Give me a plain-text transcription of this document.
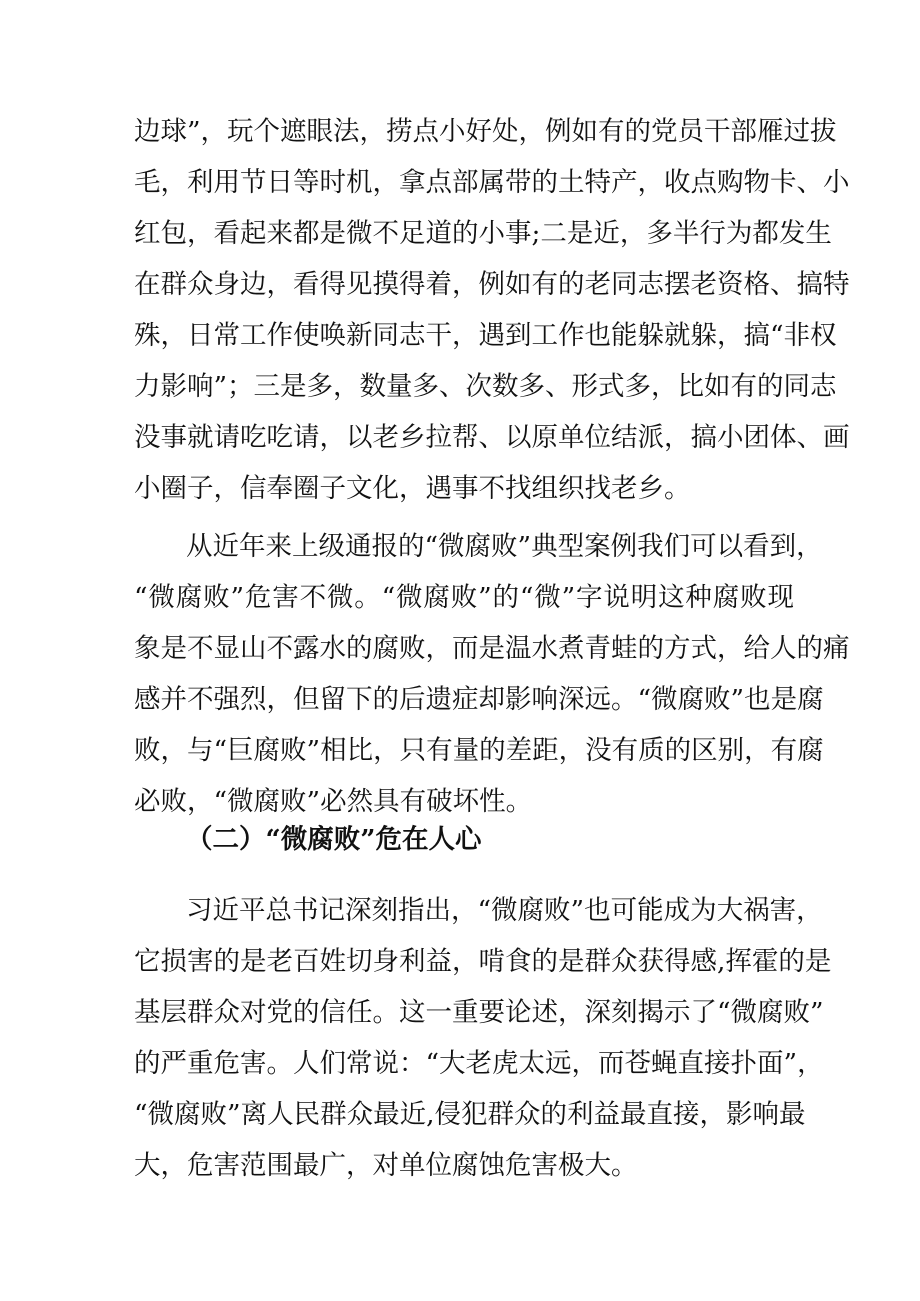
边球”，玩个遮眼法，捞点小好处，例如有的党员干部雁过拔
毛，利用节日等时机，拿点部属带的土特产，收点购物卡、小
红包，看起来都是微不足道的小事;二是近，多半行为都发生
在群众身边，看得见摸得着，例如有的老同志摆老资格、搞特
殊，日常工作使唤新同志干，遇到工作也能躲就躲，搞“非权
力影响”；三是多，数量多、次数多、形式多，比如有的同志
没事就请吃吃请，以老乡拉帮、以原单位结派，搞小团体、画
小圈子，信奉圈子文化，遇事不找组织找老乡。
从近年来上级通报的“微腐败”典型案例我们可以看到，
“微腐败”危害不微。“微腐败”的“微”字说明这种腐败现
象是不显山不露水的腐败，而是温水煮青蛙的方式，给人的痛
感并不强烈，但留下的后遗症却影响深远。“微腐败”也是腐
败，与“巨腐败”相比，只有量的差距，没有质的区别，有腐
必败，“微腐败”必然具有破坏性。
（二）“微腐败”危在人心
习近平总书记深刻指出，“微腐败”也可能成为大祸害，
它损害的是老百姓切身利益，啃食的是群众获得感,挥霍的是
基层群众对党的信任。这一重要论述，深刻揭示了“微腐败”
的严重危害。人们常说：“大老虎太远，而苍蝇直接扑面”，
“微腐败”离人民群众最近,侵犯群众的利益最直接，影响最
大，危害范围最广，对单位腐蚀危害极大。
